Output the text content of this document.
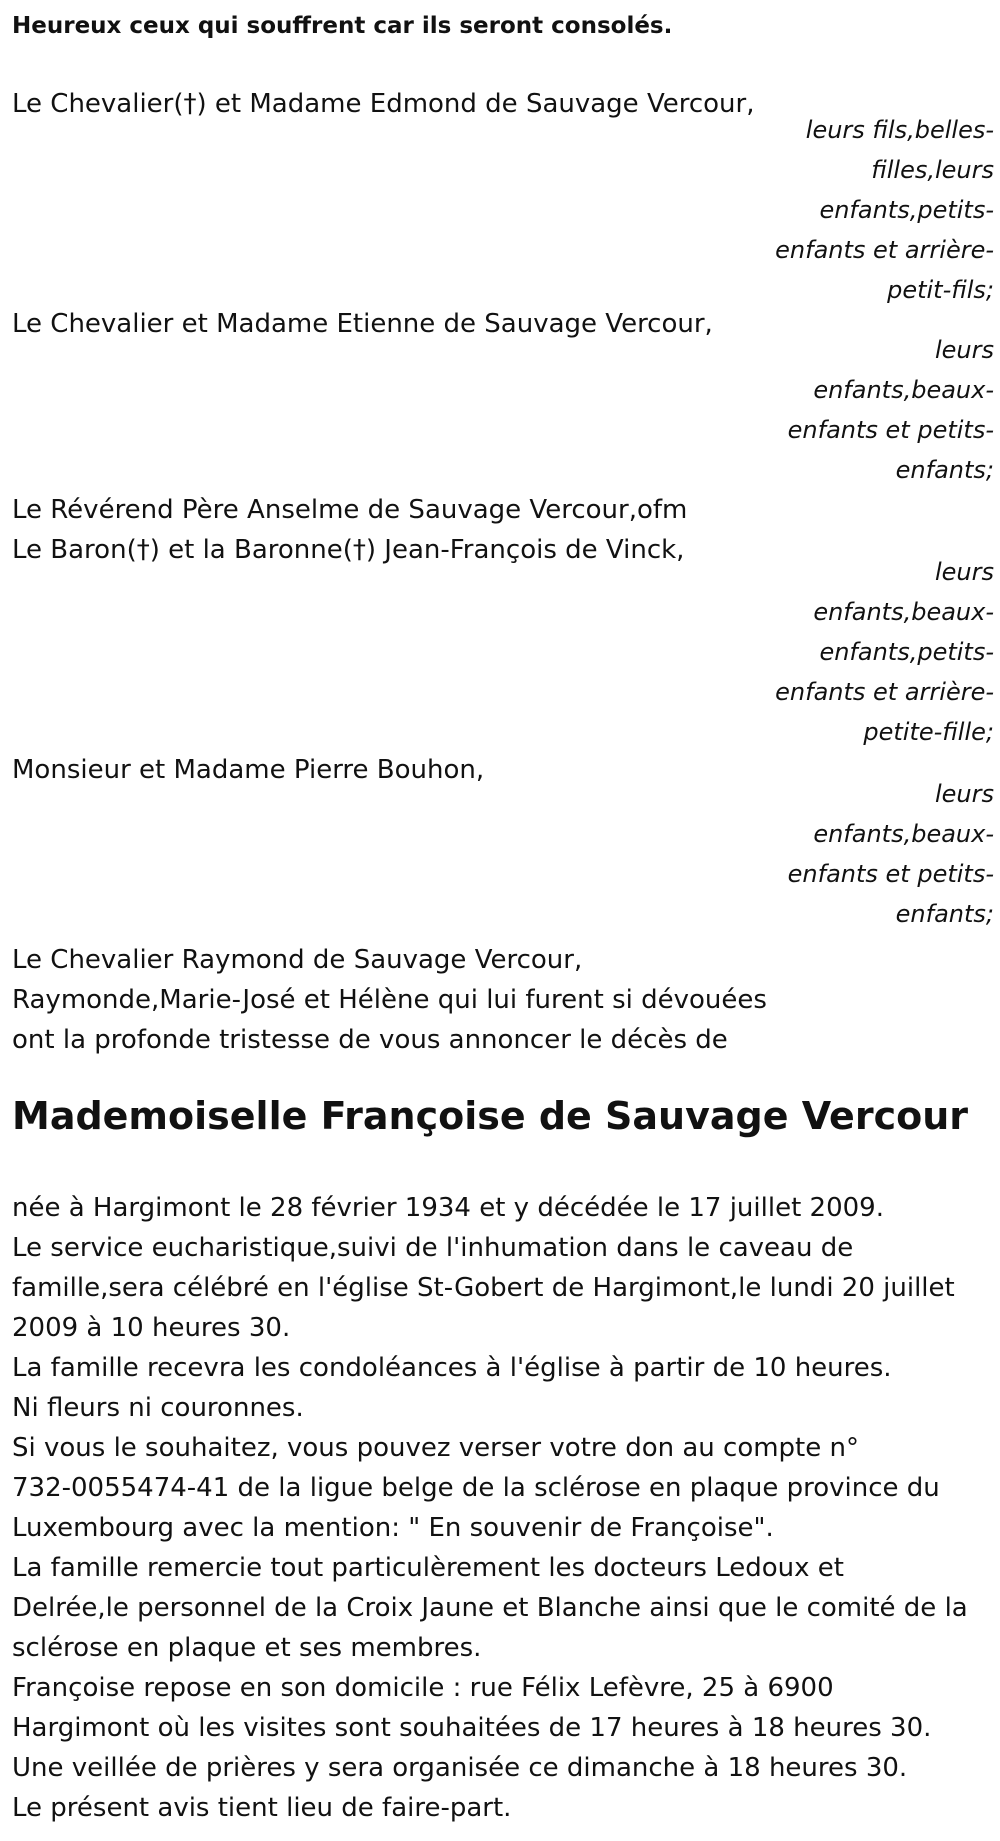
Heureux ceux qui souffrent car ils seront consolés.
Le Chevalier(†) et Madame Edmond de Sauvage Vercour,
leurs fils,belles-
filles,leurs
enfants,petits-
enfants et arrière-
petit-fils;
Le Chevalier et Madame Etienne de Sauvage Vercour,
leurs
enfants,beaux-
enfants et petits-
enfants;
Le Révérend Père Anselme de Sauvage Vercour,ofm
Le Baron(†) et la Baronne(†) Jean-François de Vinck,
leurs
enfants,beaux-
enfants,petits-
enfants et arrière-
petite-fille;
Monsieur et Madame Pierre Bouhon,
leurs
enfants,beaux-
enfants et petits-
enfants;
Le Chevalier Raymond de Sauvage Vercour,
Raymonde,Marie-José et Hélène qui lui furent si dévouées
ont la profonde tristesse de vous annoncer le décès de
Mademoiselle Françoise de Sauvage Vercour
née à Hargimont le 28 février 1934 et y décédée le 17 juillet 2009.
Le service eucharistique,suivi de l'inhumation dans le caveau de
famille,sera célébré en l'église St-Gobert de Hargimont,le lundi 20 juillet
2009 à 10 heures 30.
La famille recevra les condoléances à l'église à partir de 10 heures.
Ni fleurs ni couronnes.
Si vous le souhaitez, vous pouvez verser votre don au compte n°
732-0055474-41 de la ligue belge de la sclérose en plaque province du
Luxembourg avec la mention: " En souvenir de Françoise".
La famille remercie tout particulèrement les docteurs Ledoux et
Delrée,le personnel de la Croix Jaune et Blanche ainsi que le comité de la
sclérose en plaque et ses membres.
Françoise repose en son domicile : rue Félix Lefèvre, 25 à 6900
Hargimont où les visites sont souhaitées de 17 heures à 18 heures 30.
Une veillée de prières y sera organisée ce dimanche à 18 heures 30.
Le présent avis tient lieu de faire-part.
